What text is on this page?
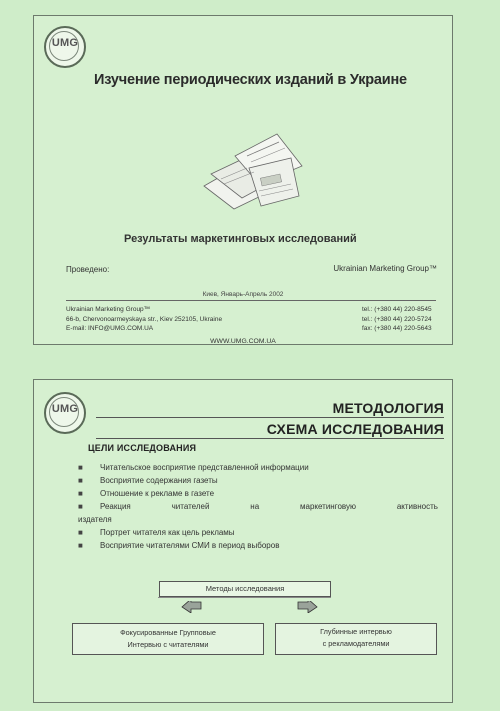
UMG
Изучение периодических изданий в Украине
Результаты маркетинговых исследований
Проведено:	Ukrainian Marketing Group™
Киев, Январь-Апрель 2002
Ukrainian Marketing Group™
66-b, Chervonoarmeyskaya str., Kiev 252105, Ukraine
E-mail: INFO@UMG.COM.UA
tel.: (+380 44) 220-8545
tel.: (+380 44) 220-5724
fax: (+380 44) 220-5643
WWW.UMG.COM.UA
UMG	МЕТОДОЛОГИЯ
СХЕМА ИССЛЕДОВАНИЯ
ЦЕЛИ ИССЛЕДОВАНИЯ
■ Читательское восприятие представленной информации
■ Восприятие содержания газеты
■ Отношение к рекламе в газете
■ Реакция	читателей	на	маркетинговую	активность
издателя
■ Портрет читателя как цель рекламы
■ Восприятие читателями СМИ в период выборов
Методы исследования
Фокусированные Групповые
Интервью с читателями
Глубинные интервью
с рекламодателями
